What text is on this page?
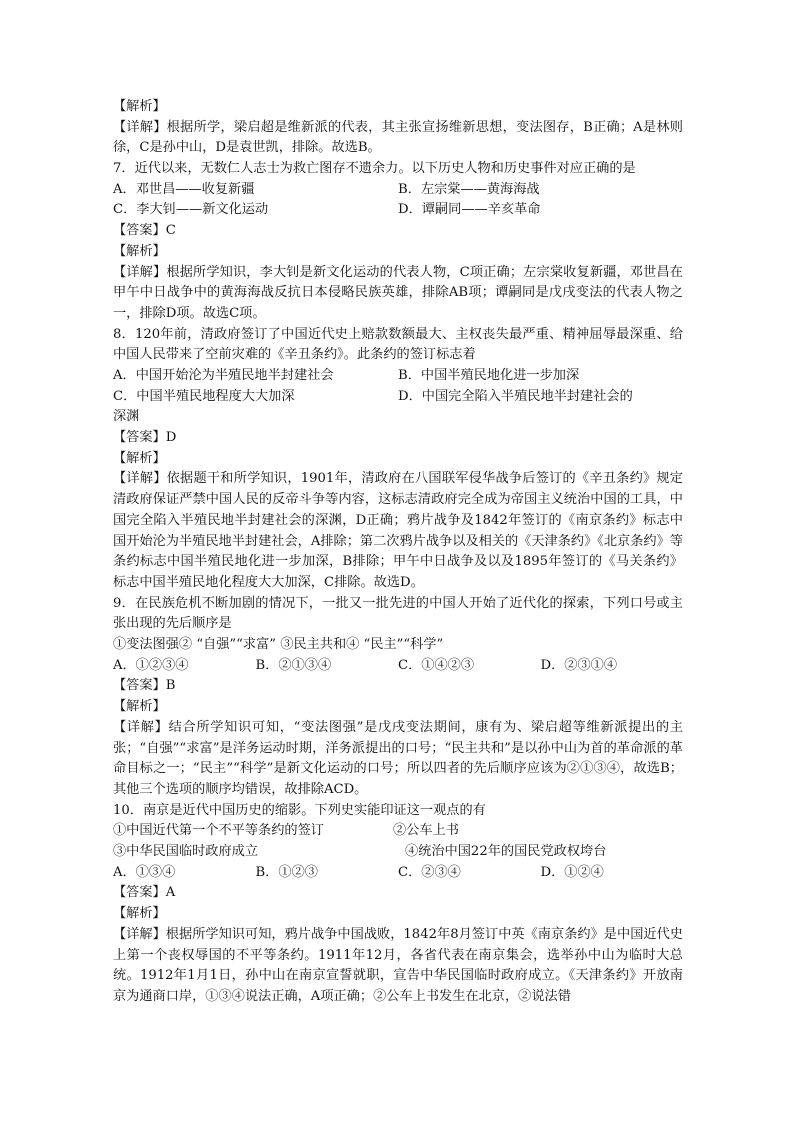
【解析】
【详解】根据所学，梁启超是维新派的代表，其主张宣扬维新思想，变法图存，B正确；A是林则徐，C是孙中山，D是袁世凯，排除。故选B。
7．近代以来，无数仁人志士为救亡图存不遗余力。以下历史人物和历史事件对应正确的是
A．邓世昌——收复新疆	B．左宗棠——黄海海战
C．李大钊——新文化运动	D．谭嗣同——辛亥革命
【答案】C
【解析】
【详解】根据所学知识，李大钊是新文化运动的代表人物，C项正确；左宗棠收复新疆，邓世昌在甲午中日战争中的黄海海战反抗日本侵略民族英雄，排除AB项；谭嗣同是戊戌变法的代表人物之一，排除D项。故选C项。
8．120年前，清政府签订了中国近代史上赔款数额最大、主权丧失最严重、精神屈辱最深重、给中国人民带来了空前灾难的《辛丑条约》。此条约的签订标志着
A．中国开始沦为半殖民地半封建社会	B．中国半殖民地化进一步加深
C．中国半殖民地程度大大加深	D．中国完全陷入半殖民地半封建社会的
深渊
【答案】D
【解析】
【详解】依据题干和所学知识，1901年，清政府在八国联军侵华战争后签订的《辛丑条约》规定清政府保证严禁中国人民的反帝斗争等内容，这标志清政府完全成为帝国主义统治中国的工具，中国完全陷入半殖民地半封建社会的深渊，D正确；鸦片战争及1842年签订的《南京条约》标志中国开始沦为半殖民地半封建社会，A排除；第二次鸦片战争以及相关的《天津条约》《北京条约》等条约标志中国半殖民地化进一步加深，B排除；甲午中日战争及以及1895年签订的《马关条约》标志中国半殖民地化程度大大加深，C排除。故选D。
9．在民族危机不断加剧的情况下，一批又一批先进的中国人开始了近代化的探索，下列口号或主张出现的先后顺序是
①变法图强② “自强”“求富” ③民主共和④ “民主”“科学”
A．①②③④	B．②①③④	C．①④②③	D．②③①④
【答案】B
【解析】
【详解】结合所学知识可知，“变法图强”是戊戌变法期间，康有为、梁启超等维新派提出的主张；“自强”“求富”是洋务运动时期，洋务派提出的口号；“民主共和”是以孙中山为首的革命派的革命目标之一；“民主”“科学”是新文化运动的口号；所以四者的先后顺序应该为②①③④，故选B；其他三个选项的顺序均错误，故排除ACD。
10．南京是近代中国历史的缩影。下列史实能印证这一观点的有
①中国近代第一个不平等条约的签订	②公车上书
③中华民国临时政府成立	④统治中国22年的国民党政权垮台
A．①③④	B．①②③	C．②③④	D．①②④
【答案】A
【解析】
【详解】根据所学知识可知，鸦片战争中国战败，1842年8月签订中英《南京条约》是中国近代史上第一个丧权辱国的不平等条约。1911年12月，各省代表在南京集会，选举孙中山为临时大总统。1912年1月1日，孙中山在南京宣誓就职，宣告中华民国临时政府成立。《天津条约》开放南京为通商口岸，①③④说法正确，A项正确；②公车上书发生在北京，②说法错
